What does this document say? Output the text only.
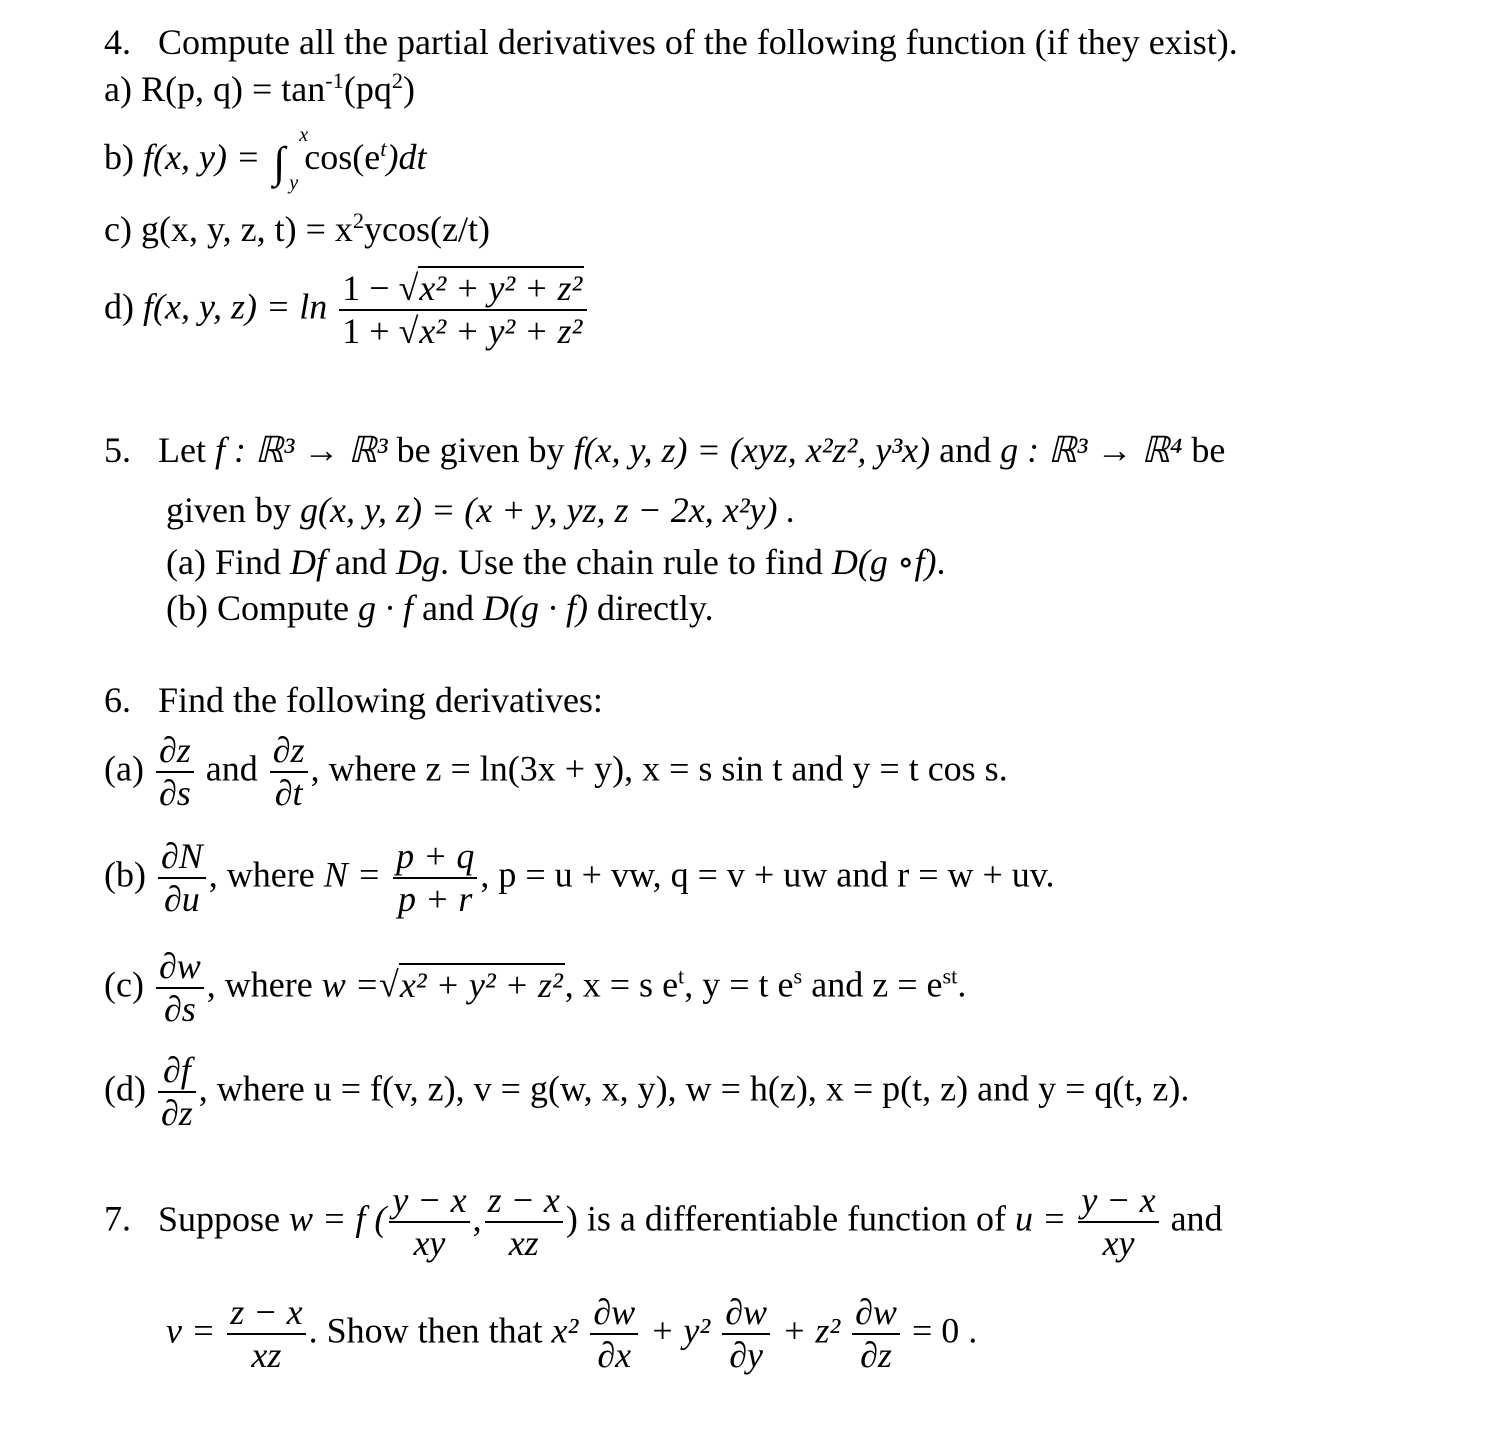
4. Compute all the partial derivatives of the following function (if they exist).
a) R(p, $q) = \tan^{-1}(pq^2)$
b) f(x, y) = ∫
x
y
$\cos(e^t)dt$
c) g(x, y, z, $t) = x^2ycos(z/t)$
d) f(x, y, $z) = \ln \frac{\text{1 − √x² + y² + z²}}{\text{1 + √x² + y² + z²}}$
5. Let f : ℝ³ → ℝ³ be given by f(x, y, z) = (xyz, x²z², y³x) and g : ℝ³ → ℝ⁴ be
given by g(x, y, z) = (x + y, yz, z − 2x, x²y) .
(a) Find Df and Dg. Use the chain rule to find D(g ∘f).
(b) Compute g · f and D(g · f) directly.
6. Find the following derivatives:
$(a) \frac{\partial z}{\partial s}$ and $\frac{\partial z}{\partial t}$ , where z = ln(3x + y), x = s sin t and y = t cos s.
$(b) \frac{\partial N}{\partial u}$ , where $N = \frac{p + q}{p + r}$ , p = u + vw, q = v + uw and r = w + uv.
$(c) \frac{\partial w}{\partial s}$ , where w =√x² + y² + z², x = s $e^t$, y = t $e^s$ and $z = e^{st}$.
$(d) \frac{\partial f}{\partial z}$ , where u = f(v, z), v = g(w, x, y), w = h(z), x = p(t, z) and y = q(t, z).
7. Suppose w = f ( $\frac{y - x}{xy}$ , $\frac{z - x}{xz}$ ) is a differentiable function of $u = \frac{y - x}{xy}$ and
$v = \frac{z - x}{xz}$ . Show then that $x^2 \frac{\partial w}{\partial x} + y^2 \frac{\partial w}{\partial y} + z^2 \frac{\partial w}{\partial z} = 0$ .
